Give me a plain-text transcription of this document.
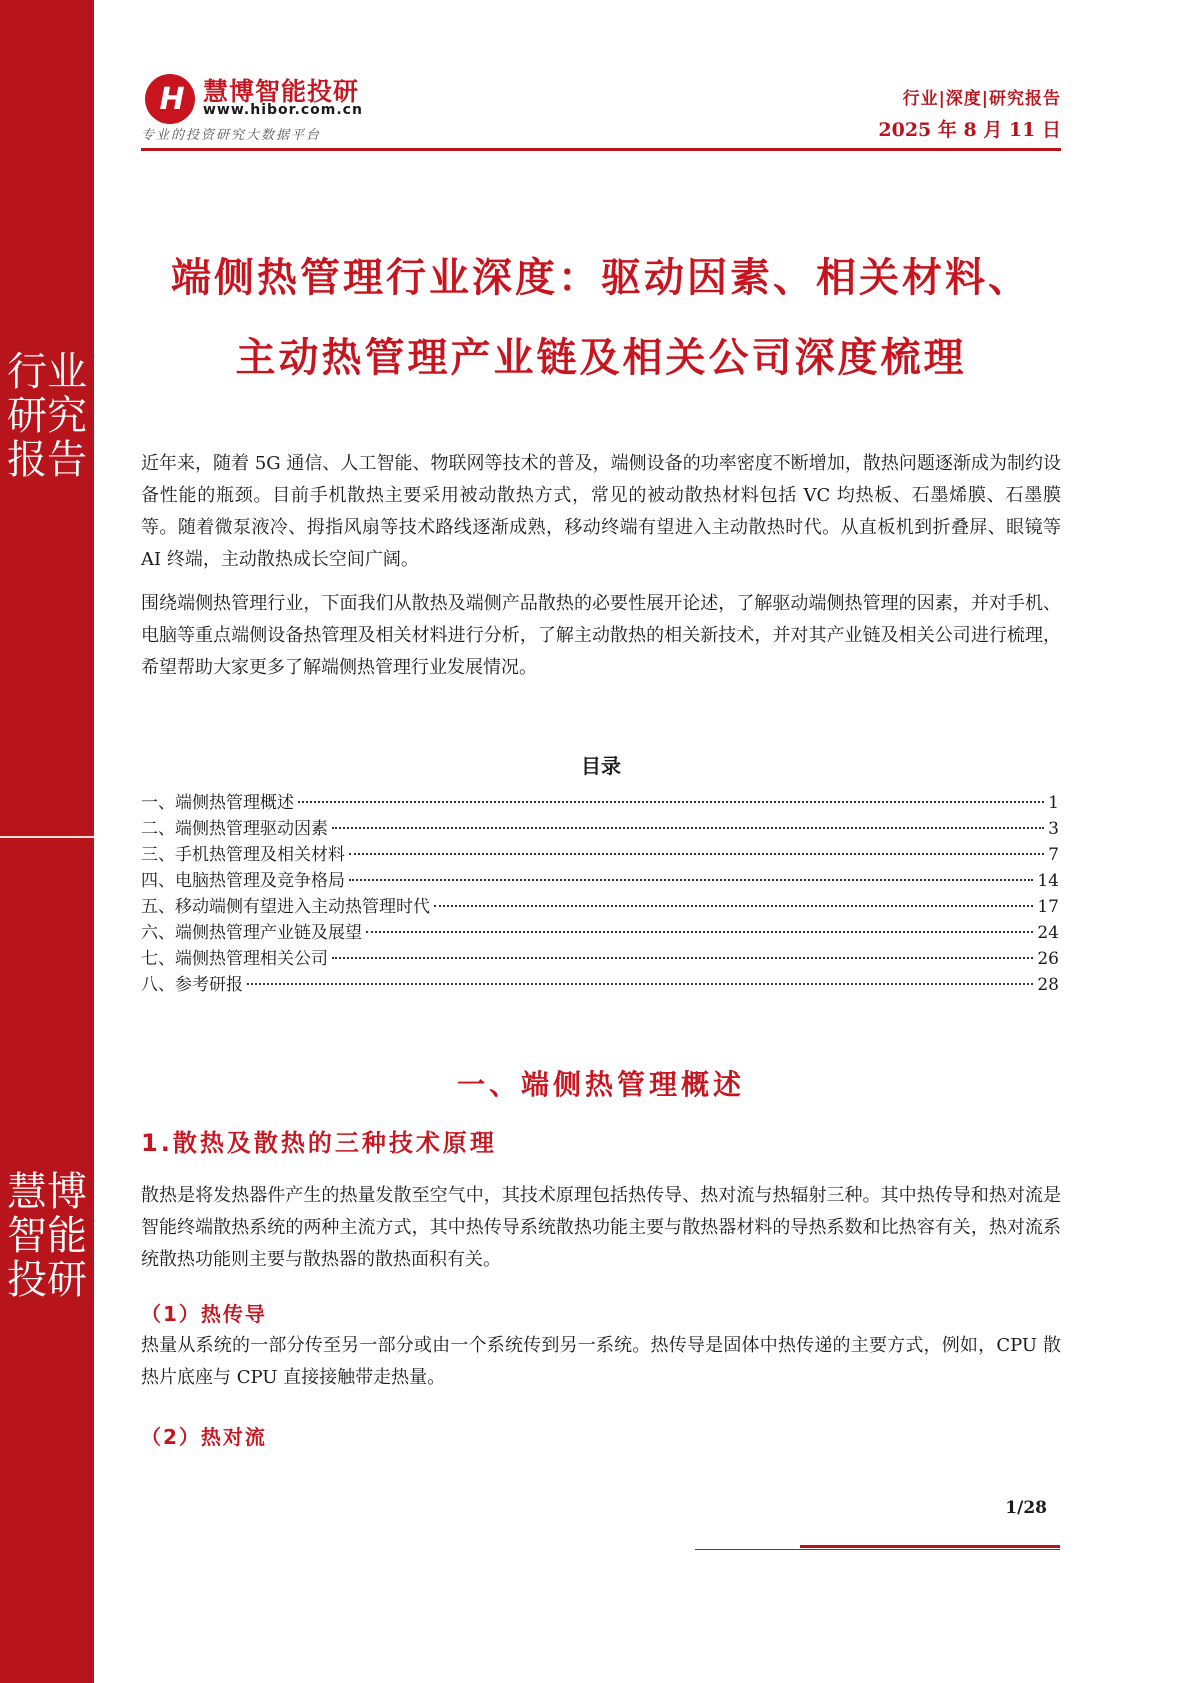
行业研究报告
慧博智能投研
H 慧博智能投研
www.hibor.com.cn
专业的投资研究大数据平台
行业|深度|研究报告
2025 年 8 月 11 日
端侧热管理行业深度：驱动因素、相关材料、
主动热管理产业链及相关公司深度梳理
近年来，随着 5G 通信、人工智能、物联网等技术的普及，端侧设备的功率密度不断增加，散热问题逐渐成为制约设备性能的瓶颈。目前手机散热主要采用被动散热方式，常见的被动散热材料包括 VC 均热板、石墨烯膜、石墨膜等。随着微泵液冷、拇指风扇等技术路线逐渐成熟，移动终端有望进入主动散热时代。从直板机到折叠屏、眼镜等 AI 终端，主动散热成长空间广阔。
围绕端侧热管理行业，下面我们从散热及端侧产品散热的必要性展开论述，了解驱动端侧热管理的因素，并对手机、电脑等重点端侧设备热管理及相关材料进行分析，了解主动散热的相关新技术，并对其产业链及相关公司进行梳理，希望帮助大家更多了解端侧热管理行业发展情况。
目录
一、端侧热管理概述	1
二、端侧热管理驱动因素	3
三、手机热管理及相关材料	7
四、电脑热管理及竞争格局	14
五、移动端侧有望进入主动热管理时代	17
六、端侧热管理产业链及展望	24
七、端侧热管理相关公司	26
八、参考研报	28
一、端侧热管理概述
1.散热及散热的三种技术原理
散热是将发热器件产生的热量发散至空气中，其技术原理包括热传导、热对流与热辐射三种。其中热传导和热对流是智能终端散热系统的两种主流方式，其中热传导系统散热功能主要与散热器材料的导热系数和比热容有关，热对流系统散热功能则主要与散热器的散热面积有关。
（1）热传导
热量从系统的一部分传至另一部分或由一个系统传到另一系统。热传导是固体中热传递的主要方式，例如，CPU 散热片底座与 CPU 直接接触带走热量。
（2）热对流
1/28
